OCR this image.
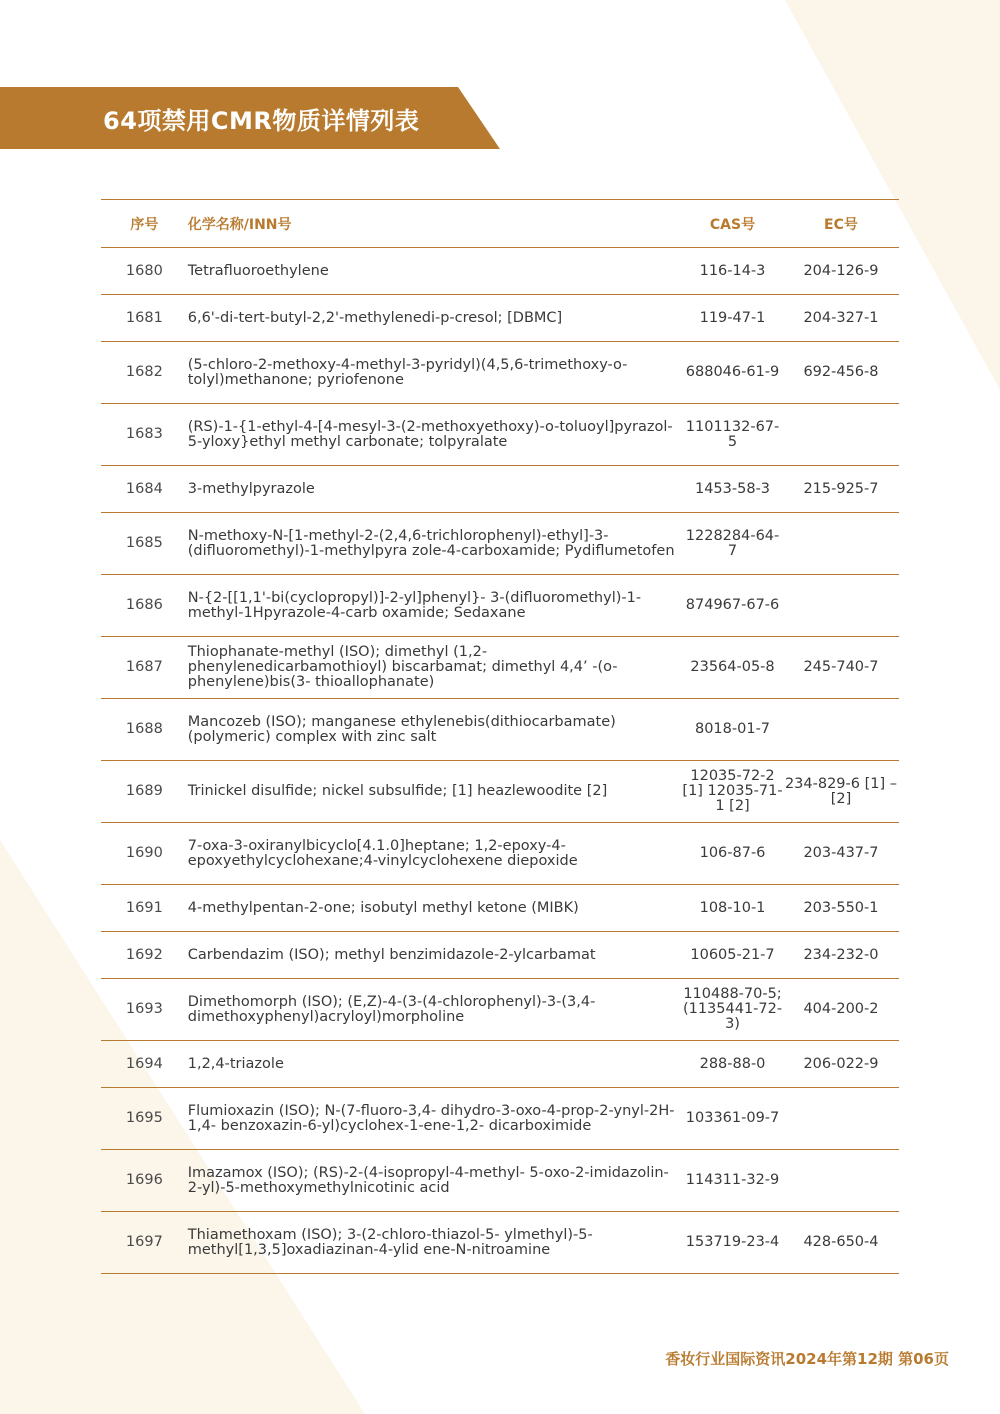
64项禁用CMR物质详情列表
序号	化学名称/INN号	CAS号	EC号
1680	Tetrafluoroethylene	116-14-3	204-126-9
1681	6,6'-di-tert-butyl-2,2'-methylenedi-p-cresol; [DBMC]	119-47-1	204-327-1
1682	(5-chloro-2-methoxy-4-methyl-3-pyridyl)(4,5,6-trimethoxy-o-tolyl)methanone; pyriofenone	688046-61-9	692-456-8
1683	(RS)-1-{1-ethyl-4-[4-mesyl-3-(2-methoxyethoxy)-o-toluoyl]pyrazol-5-yloxy}ethyl methyl carbonate; tolpyralate	1101132-67-5	
1684	3-methylpyrazole	1453-58-3	215-925-7
1685	N-methoxy-N-[1-methyl-2-(2,4,6-trichlorophenyl)-ethyl]-3-(difluoromethyl)-1-methylpyra zole-4-carboxamide; Pydiflumetofen	1228284-64-7	
1686	N-{2-[[1,1'-bi(cyclopropyl)]-2-yl]phenyl}- 3-(difluoromethyl)-1-methyl-1Hpyrazole-4-carb oxamide; Sedaxane	874967-67-6	
1687	Thiophanate-methyl (ISO); dimethyl (1,2- phenylenedicarbamothioyl) biscarbamat; dimethyl 4,4’ -(o-phenylene)bis(3- thioallophanate)	23564-05-8	245-740-7
1688	Mancozeb (ISO); manganese ethylenebis(dithiocarbamate) (polymeric) complex with zinc salt	8018-01-7	
1689	Trinickel disulfide; nickel subsulfide; [1] heazlewoodite [2]	12035-72-2 [1] 12035-71-1 [2]	234-829-6 [1] – [2]
1690	7-oxa-3-oxiranylbicyclo[4.1.0]heptane; 1,2-epoxy-4-epoxyethylcyclohexane;4-vinylcyclohexene diepoxide	106-87-6	203-437-7
1691	4-methylpentan-2-one; isobutyl methyl ketone (MIBK)	108-10-1	203-550-1
1692	Carbendazim (ISO); methyl benzimidazole-2-ylcarbamat	10605-21-7	234-232-0
1693	Dimethomorph (ISO); (E,Z)-4-(3-(4-chlorophenyl)-3-(3,4-dimethoxyphenyl)acryloyl)morpholine	110488-70-5; (1135441-72-3)	404-200-2
1694	1,2,4-triazole	288-88-0	206-022-9
1695	Flumioxazin (ISO); N-(7-fluoro-3,4- dihydro-3-oxo-4-prop-2-ynyl-2H-1,4- benzoxazin-6-yl)cyclohex-1-ene-1,2- dicarboximide	103361-09-7	
1696	Imazamox (ISO); (RS)-2-(4-isopropyl-4-methyl- 5-oxo-2-imidazolin-2-yl)-5-methoxymethylnicotinic acid	114311-32-9	
1697	Thiamethoxam (ISO); 3-(2-chloro-thiazol-5- ylmethyl)-5-methyl[1,3,5]oxadiazinan-4-ylid ene-N-nitroamine	153719-23-4	428-650-4
香妆行业国际资讯2024年第12期 第06页
